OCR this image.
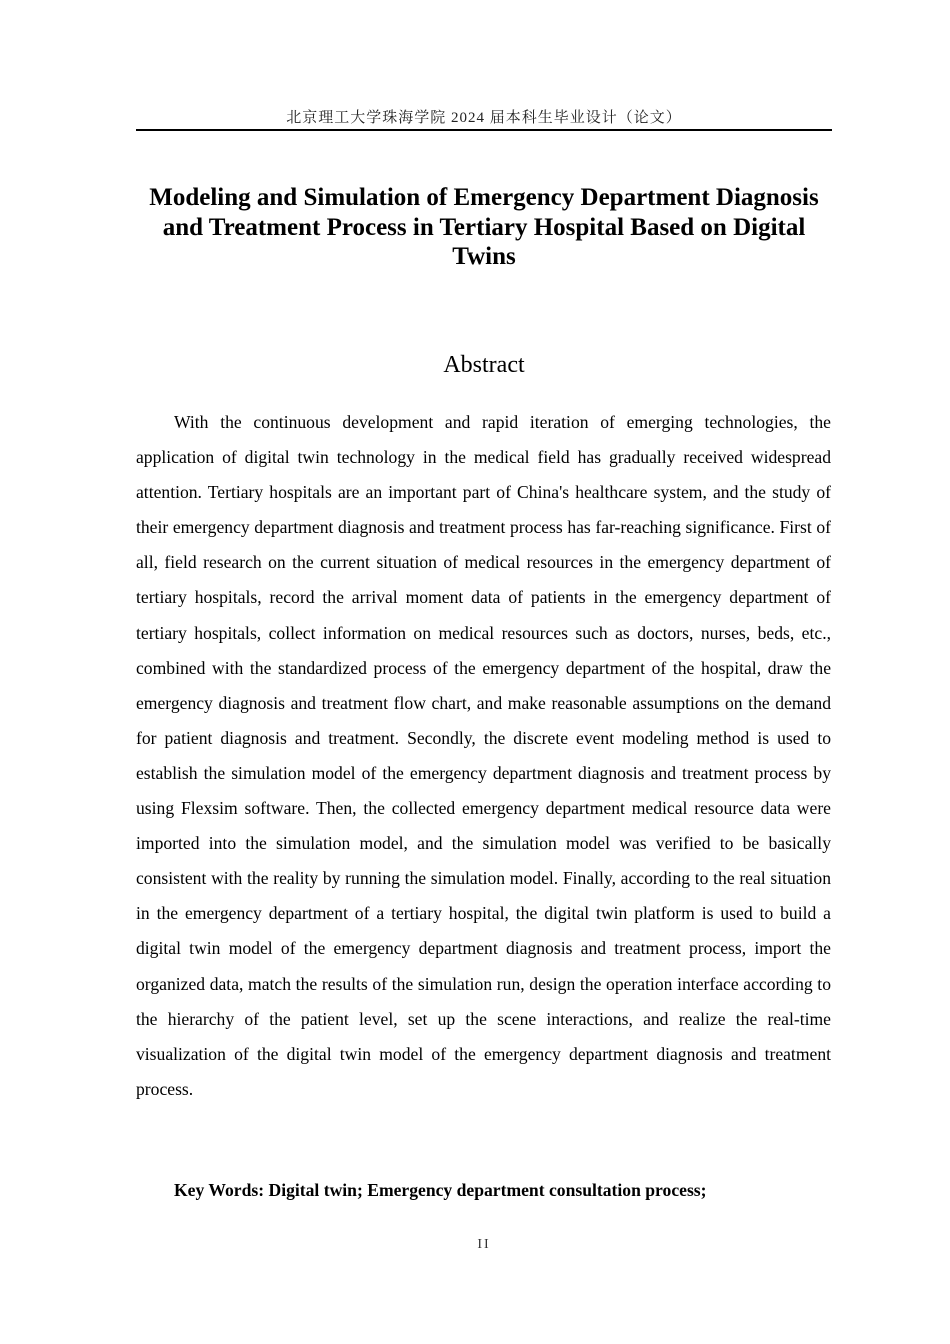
北京理工大学珠海学院 2024 届本科生毕业设计（论文）
Modeling and Simulation of Emergency Department Diagnosis and Treatment Process in Tertiary Hospital Based on Digital Twins
Abstract

With the continuous development and rapid iteration of emerging technologies, the application of digital twin technology in the medical field has gradually received widespread attention. Tertiary hospitals are an important part of China's healthcare system, and the study of their emergency department diagnosis and treatment process has far-reaching significance. First of all, field research on the current situation of medical resources in the emergency department of tertiary hospitals, record the arrival moment data of patients in the emergency department of tertiary hospitals, collect information on medical resources such as doctors, nurses, beds, etc., combined with the standardized process of the emergency department of the hospital, draw the emergency diagnosis and treatment flow chart, and make reasonable assumptions on the demand for patient diagnosis and treatment. Secondly, the discrete event modeling method is used to establish the simulation model of the emergency department diagnosis and treatment process by using Flexsim software. Then, the collected emergency department medical resource data were imported into the simulation model, and the simulation model was verified to be basically consistent with the reality by running the simulation model. Finally, according to the real situation in the emergency department of a tertiary hospital, the digital twin platform is used to build a digital twin model of the emergency department diagnosis and treatment process, import the organized data, match the results of the simulation run, design the operation interface according to the hierarchy of the patient level, set up the scene interactions, and realize the real-time visualization of the digital twin model of the emergency department diagnosis and treatment process.

Key Words: Digital twin; Emergency department consultation process;

II
